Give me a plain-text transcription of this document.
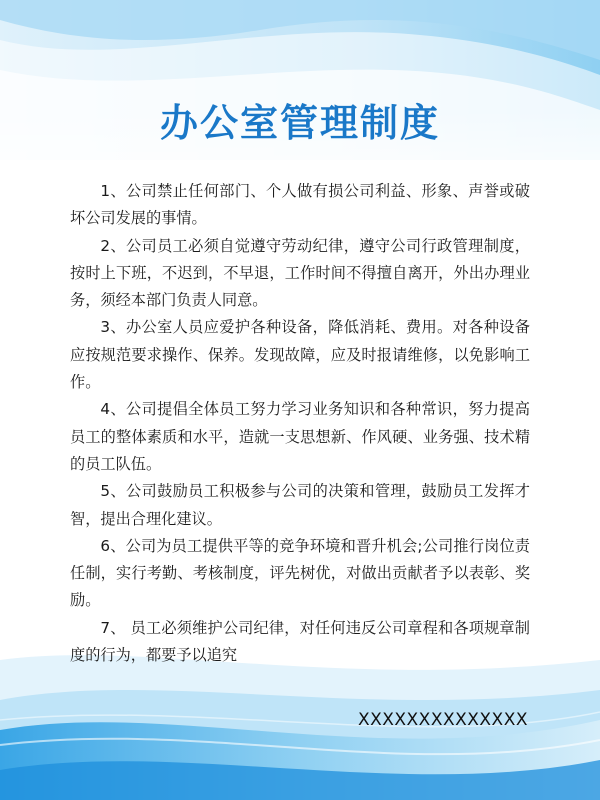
办公室管理制度

1、公司禁止任何部门、个人做有损公司利益、形象、声誉或破坏公司发展的事情。

2、公司员工必须自觉遵守劳动纪律，遵守公司行政管理制度，按时上下班，不迟到，不早退，工作时间不得擅自离开，外出办理业务，须经本部门负责人同意。

3、办公室人员应爱护各种设备，降低消耗、费用。对各种设备应按规范要求操作、保养。发现故障，应及时报请维修，以免影响工作。

4、公司提倡全体员工努力学习业务知识和各种常识，努力提高员工的整体素质和水平，造就一支思想新、作风硬、业务强、技术精的员工队伍。

5、公司鼓励员工积极参与公司的决策和管理，鼓励员工发挥才智，提出合理化建议。

6、公司为员工提供平等的竞争环境和晋升机会;公司推行岗位责任制，实行考勤、考核制度，评先树优，对做出贡献者予以表彰、奖励。

7、 员工必须维护公司纪律，对任何违反公司章程和各项规章制度的行为，都要予以追究

XXXXXXXXXXXXXX
